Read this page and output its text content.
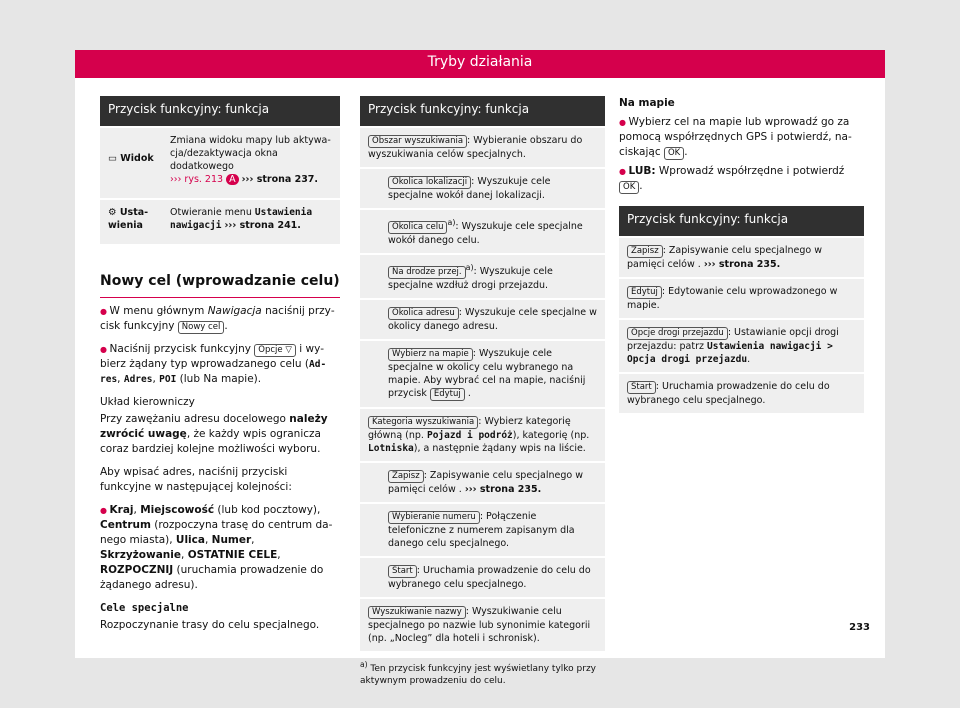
Tryby działania
Przycisk funkcyjny: funkcja
▭ Widok
Zmiana widoku mapy lub aktywacja/dezaktywacja okna dodatkowego
››› rys. 213 A ››› strona 237.
⚙ Ustawienia
Otwieranie menu Ustawienia nawigacji ››› strona 241.
Nowy cel (wprowadzanie celu)

● W menu głównym Nawigacja naciśnij przycisk funkcyjny Nowy cel .

● Naciśnij przycisk funkcyjny Opcje ▽ i wybierz żądany typ wprowadzanego celu (Adres, Adres, POI (lub Na mapie).

Układ kierowniczy

Przy zawężaniu adresu docelowego należy zwrócić uwagę, że każdy wpis ogranicza coraz bardziej kolejne możliwości wyboru.

Aby wpisać adres, naciśnij przyciski funkcyjne w następującej kolejności:

● Kraj, Miejscowość (lub kod pocztowy), Centrum (rozpoczyna trasę do centrum danego miasta), Ulica, Numer, Skrzyżowanie, OSTATNIE CELE, ROZPOCZNIJ (uruchamia prowadzenie do żądanego adresu).

Cele specjalne

Rozpoczynanie trasy do celu specjalnego.

Przycisk funkcyjny: funkcja
Obszar wyszukiwania : Wybieranie obszaru do wyszukiwania celów specjalnych.
Okolica lokalizacji : Wyszukuje cele specjalne wokół danej lokalizacji.
Okolica celu $^{a)}$: Wyszukuje cele specjalne wokół danego celu.
Na drodze przej. $^{a)}$: Wyszukuje cele specjalne wzdłuż drogi przejazdu.
Okolica adresu : Wyszukuje cele specjalne w okolicy danego adresu.
Wybierz na mapie : Wyszukuje cele specjalne w okolicy celu wybranego na mapie. Aby wybrać cel na mapie, naciśnij przycisk Edytuj .
Kategoria wyszukiwania : Wybierz kategorię główną (np. Pojazd i podróż), kategorię (np. Lotniska), a następnie żądany wpis na liście.
Zapisz : Zapisywanie celu specjalnego w pamięci celów . ››› strona 235.
Wybieranie numeru : Połączenie telefoniczne z numerem zapisanym dla danego celu specjalnego.
Start : Uruchamia prowadzenie do celu do wybranego celu specjalnego.
Wyszukiwanie nazwy : Wyszukiwanie celu specjalnego po nazwie lub synonimie kategorii (np. „Nocleg” dla hoteli i schronisk).
$^{a)}$ Ten przycisk funkcyjny jest wyświetlany tylko przy aktywnym prowadzeniu do celu.

Na mapie

● Wybierz cel na mapie lub wprowadź go za pomocą współrzędnych GPS i potwierdź, naciskając OK .

● LUB: Wprowadź współrzędne i potwierdź OK .

Przycisk funkcyjny: funkcja
Zapisz : Zapisywanie celu specjalnego w pamięci celów . ››› strona 235.
Edytuj : Edytowanie celu wprowadzonego w mapie.
Opcje drogi przejazdu : Ustawianie opcji drogi przejazdu: patrz Ustawienia nawigacji > Opcja drogi przejazdu.
Start : Uruchamia prowadzenie do celu do wybranego celu specjalnego.
233
